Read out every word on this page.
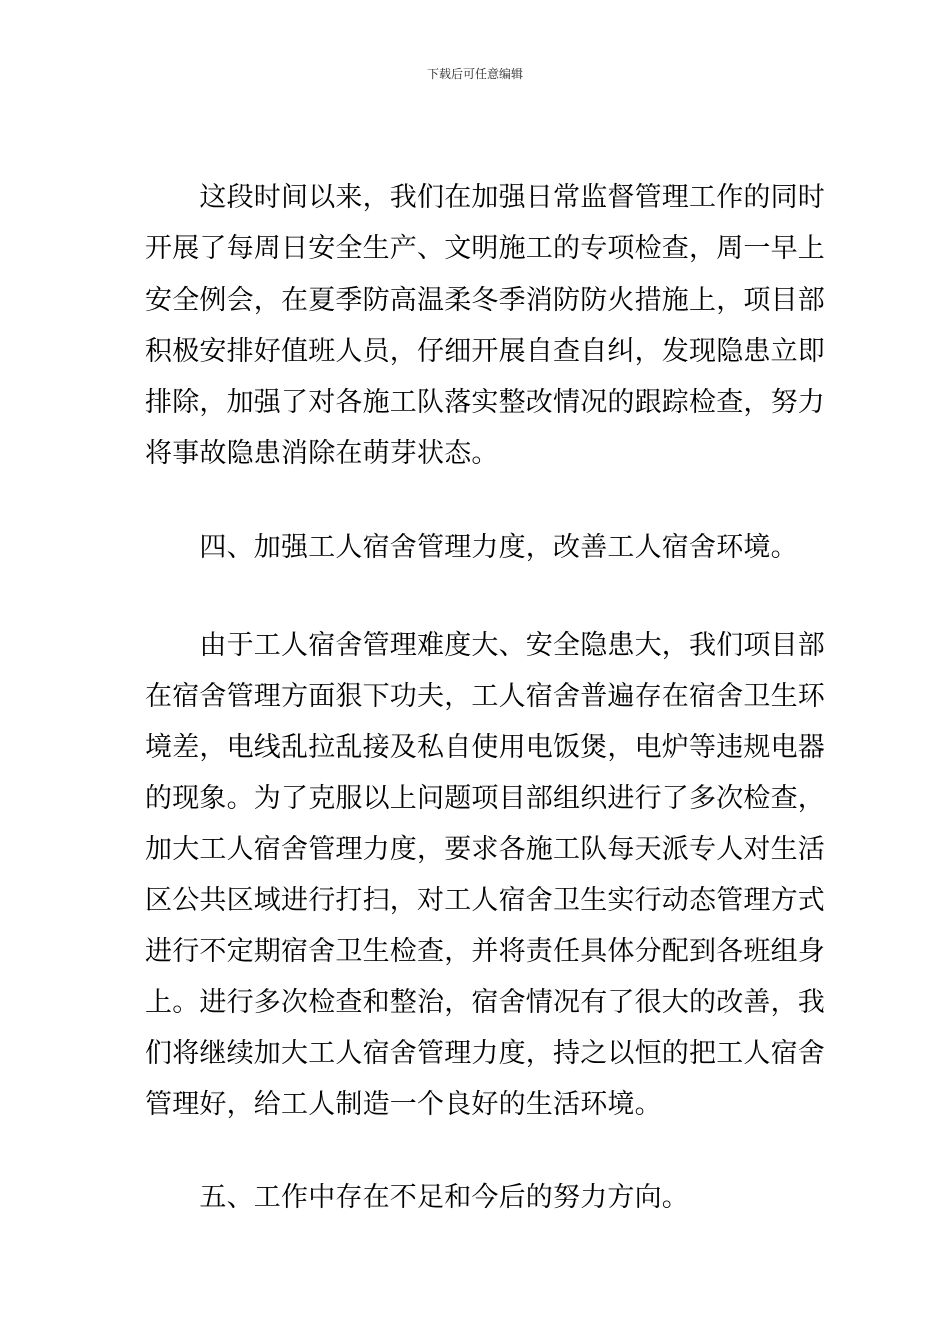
下载后可任意编辑
　　这段时间以来，我们在加强日常监督管理工作的同时
开展了每周日安全生产、文明施工的专项检查，周一早上
安全例会，在夏季防高温柔冬季消防防火措施上，项目部
积极安排好值班人员，仔细开展自查自纠，发现隐患立即
排除，加强了对各施工队落实整改情况的跟踪检查，努力
将事故隐患消除在萌芽状态。
　　四、加强工人宿舍管理力度，改善工人宿舍环境。
　　由于工人宿舍管理难度大、安全隐患大，我们项目部
在宿舍管理方面狠下功夫，工人宿舍普遍存在宿舍卫生环
境差，电线乱拉乱接及私自使用电饭煲，电炉等违规电器
的现象。为了克服以上问题项目部组织进行了多次检查，
加大工人宿舍管理力度，要求各施工队每天派专人对生活
区公共区域进行打扫，对工人宿舍卫生实行动态管理方式
进行不定期宿舍卫生检查，并将责任具体分配到各班组身
上。进行多次检查和整治，宿舍情况有了很大的改善，我
们将继续加大工人宿舍管理力度，持之以恒的把工人宿舍
管理好，给工人制造一个良好的生活环境。
　　五、工作中存在不足和今后的努力方向。
